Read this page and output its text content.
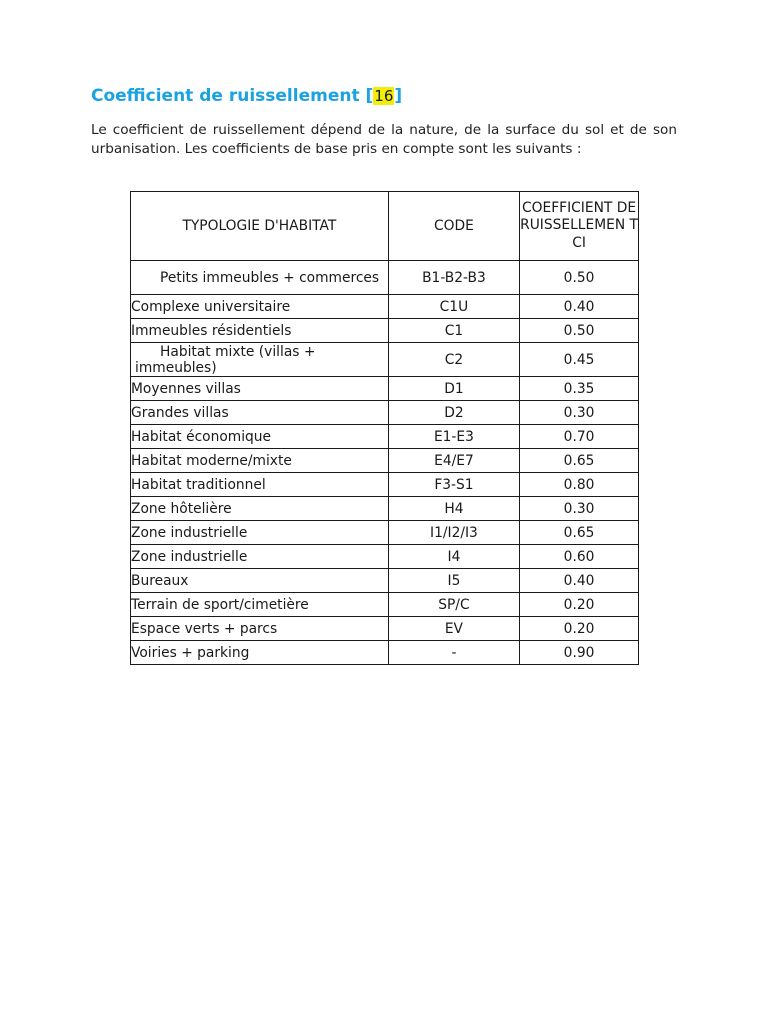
Coefficient de ruissellement [16]

Le coefficient de ruissellement dépend de la nature, de la surface du sol et de son urbanisation. Les coefficients de base pris en compte sont les suivants :

TYPOLOGIE D'HABITAT	CODE	COEFFICIENT DE RUISSELLEMEN T CI
Petits immeubles + commerces	B1-B2-B3	0.50
Complexe universitaire	C1U	0.40
Immeubles résidentiels	C1	0.50
Habitat mixte (villas + immeubles)	C2	0.45
Moyennes villas	D1	0.35
Grandes villas	D2	0.30
Habitat économique	E1-E3	0.70
Habitat moderne/mixte	E4/E7	0.65
Habitat traditionnel	F3-S1	0.80
Zone hôtelière	H4	0.30
Zone industrielle	I1/I2/I3	0.65
Zone industrielle	I4	0.60
Bureaux	I5	0.40
Terrain de sport/cimetière	SP/C	0.20
Espace verts + parcs	EV	0.20
Voiries + parking	-	0.90
